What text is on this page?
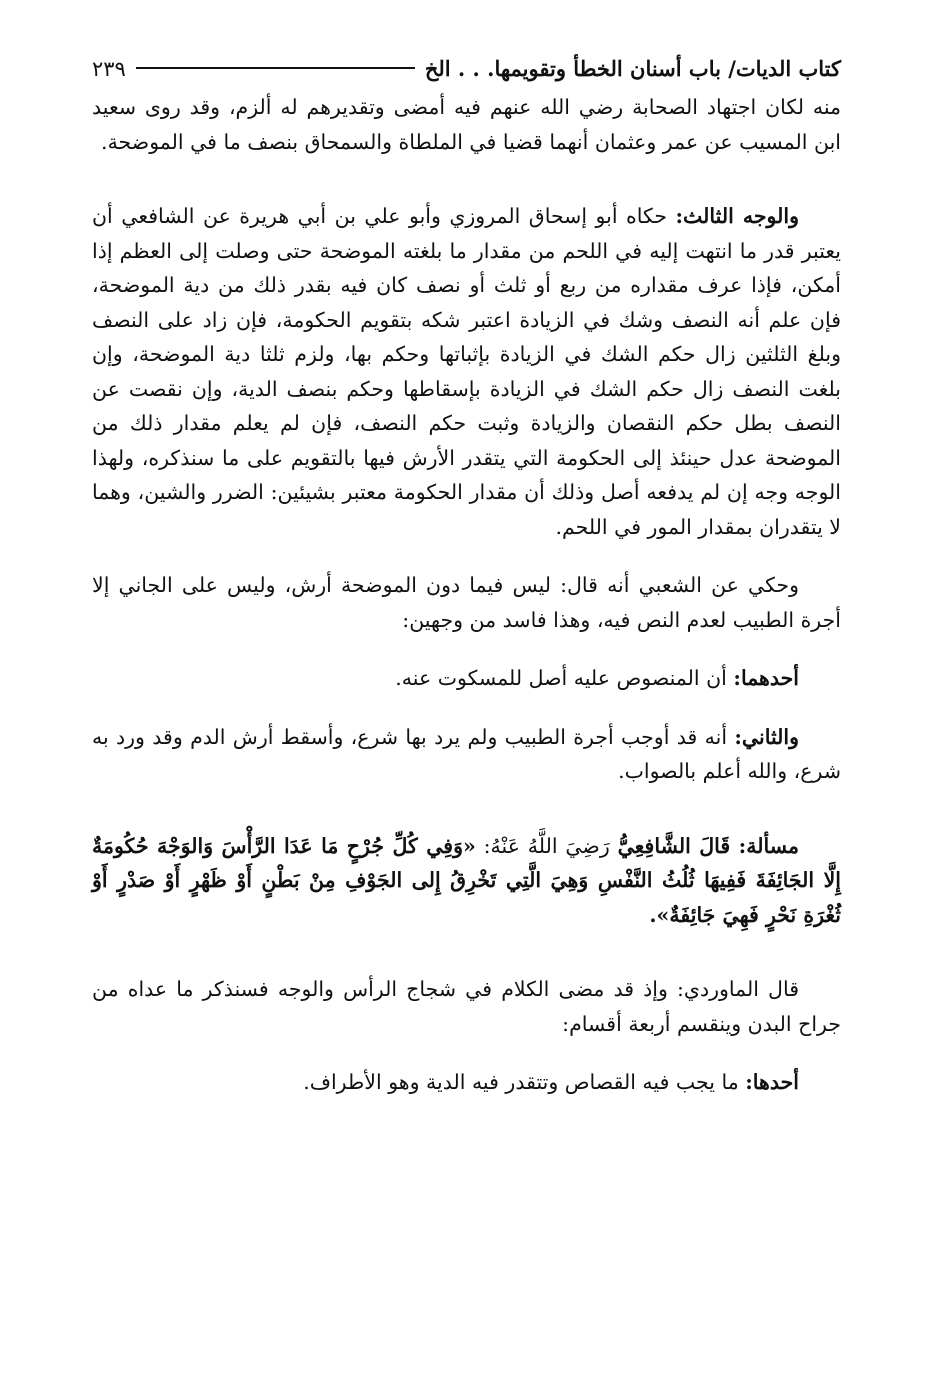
كتاب الديات/ باب أسنان الخطأ وتقويمها. . . الخ
٢٣٩

منه لكان اجتهاد الصحابة رضي الله عنهم فيه أمضى وتقديرهم له ألزم، وقد روى سعيد ابن المسيب عن عمر وعثمان أنهما قضيا في الملطاة والسمحاق بنصف ما في الموضحة.

والوجه الثالث: حكاه أبو إسحاق المروزي وأبو علي بن أبي هريرة عن الشافعي أن يعتبر قدر ما انتهت إليه في اللحم من مقدار ما بلغته الموضحة حتى وصلت إلى العظم إذا أمكن، فإذا عرف مقداره من ربع أو ثلث أو نصف كان فيه بقدر ذلك من دية الموضحة، فإن علم أنه النصف وشك في الزيادة اعتبر شكه بتقويم الحكومة، فإن زاد على النصف وبلغ الثلثين زال حكم الشك في الزيادة بإثباتها وحكم بها، ولزم ثلثا دية الموضحة، وإن بلغت النصف زال حكم الشك في الزيادة بإسقاطها وحكم بنصف الدية، وإن نقصت عن النصف بطل حكم النقصان والزيادة وثبت حكم النصف، فإن لم يعلم مقدار ذلك من الموضحة عدل حينئذ إلى الحكومة التي يتقدر الأرش فيها بالتقويم على ما سنذكره، ولهذا الوجه وجه إن لم يدفعه أصل وذلك أن مقدار الحكومة معتبر بشيئين: الضرر والشين، وهما لا يتقدران بمقدار المور في اللحم.

وحكي عن الشعبي أنه قال: ليس فيما دون الموضحة أرش، وليس على الجاني إلا أجرة الطبيب لعدم النص فيه، وهذا فاسد من وجهين:

أحدهما: أن المنصوص عليه أصل للمسكوت عنه.

والثاني: أنه قد أوجب أجرة الطبيب ولم يرد بها شرع، وأسقط أرش الدم وقد ورد به شرع، والله أعلم بالصواب.

مسألة: قَالَ الشَّافِعِيُّ رَضِيَ اللَّهُ عَنْهُ: «وَفِي كُلِّ جُرْحٍ مَا عَدَا الرَّأْسَ وَالوَجْهَ حُكُومَةٌ إِلَّا الجَائِفَةَ فَفِيهَا ثُلُثُ النَّفْسِ وَهِيَ الَّتِي تَخْرِقُ إِلى الجَوْفِ مِنْ بَطْنٍ أَوْ ظَهْرٍ أَوْ صَدْرٍ أَوْ ثُغْرَةِ نَحْرٍ فَهِيَ جَائِفَةٌ».

قال الماوردي: وإذ قد مضى الكلام في شجاج الرأس والوجه فسنذكر ما عداه من جراح البدن وينقسم أربعة أقسام:

أحدها: ما يجب فيه القصاص وتتقدر فيه الدية وهو الأطراف.
